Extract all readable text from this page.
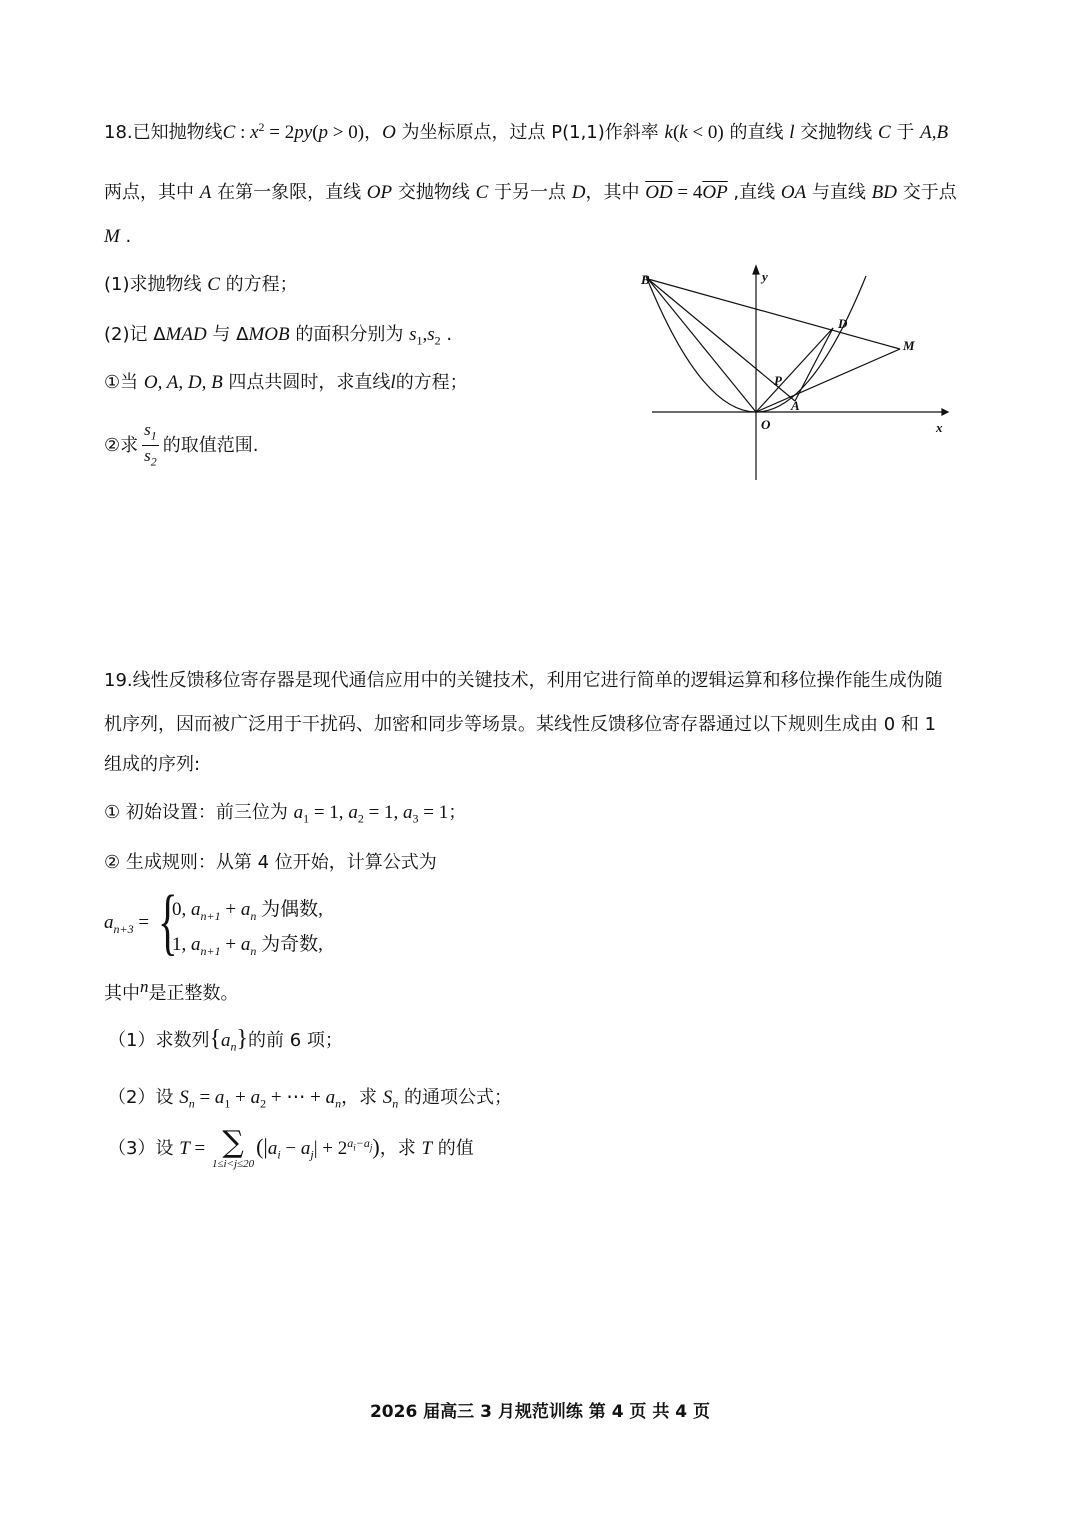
18.已知抛物线C : $x^2 = 2py(p > 0)$，O 为坐标原点，过点 P(1,1)作斜率 k(k < 0) 的直线 l 交抛物线 C 于 A,B
两点，其中 A 在第一象限，直线 OP 交抛物线 C 于另一点 D，其中 $\overline{OD} = 4\overline{OP}$ ,直线 OA 与直线 BD 交于点
M .
(1)求抛物线 C 的方程；
(2)记 ΔMAD 与 ΔMOB 的面积分别为 $s_1,s_2$ .
①当 O, A, D, B 四点共圆时，求直线l的方程；
②求 $\frac{s_1}{s_2}$ 的取值范围.
B	y
D
M
P
A
O	x
19.线性反馈移位寄存器是现代通信应用中的关键技术，利用它进行简单的逻辑运算和移位操作能生成伪随
机序列，因而被广泛用于干扰码、加密和同步等场景。某线性反馈移位寄存器通过以下规则生成由 0 和 1
组成的序列:
① 初始设置：前三位为 $a_1 = 1$, $a_2 = 1$, $a_3 = 1$；
② 生成规则：从第 4 位开始，计算公式为
$a_{n+3}$ = {
0, $a_{n+1} + a_n$ 为偶数,
1, $a_{n+1} + a_n$ 为奇数,
其中$^n$是正整数。
（1）求数列$\{a_n\}$的前 6 项；
（2）设 $S_n = a_1 + a_2$ + ⋯ + $a_n$，求 $S_n$ 的通项公式；
（3）设 T = ∑
1≤i<j≤20
$(|a_i - a_j| + 2^{a_i-a_j})$，求 T 的值
2026 届高三 3 月规范训练 第 4 页 共 4 页
